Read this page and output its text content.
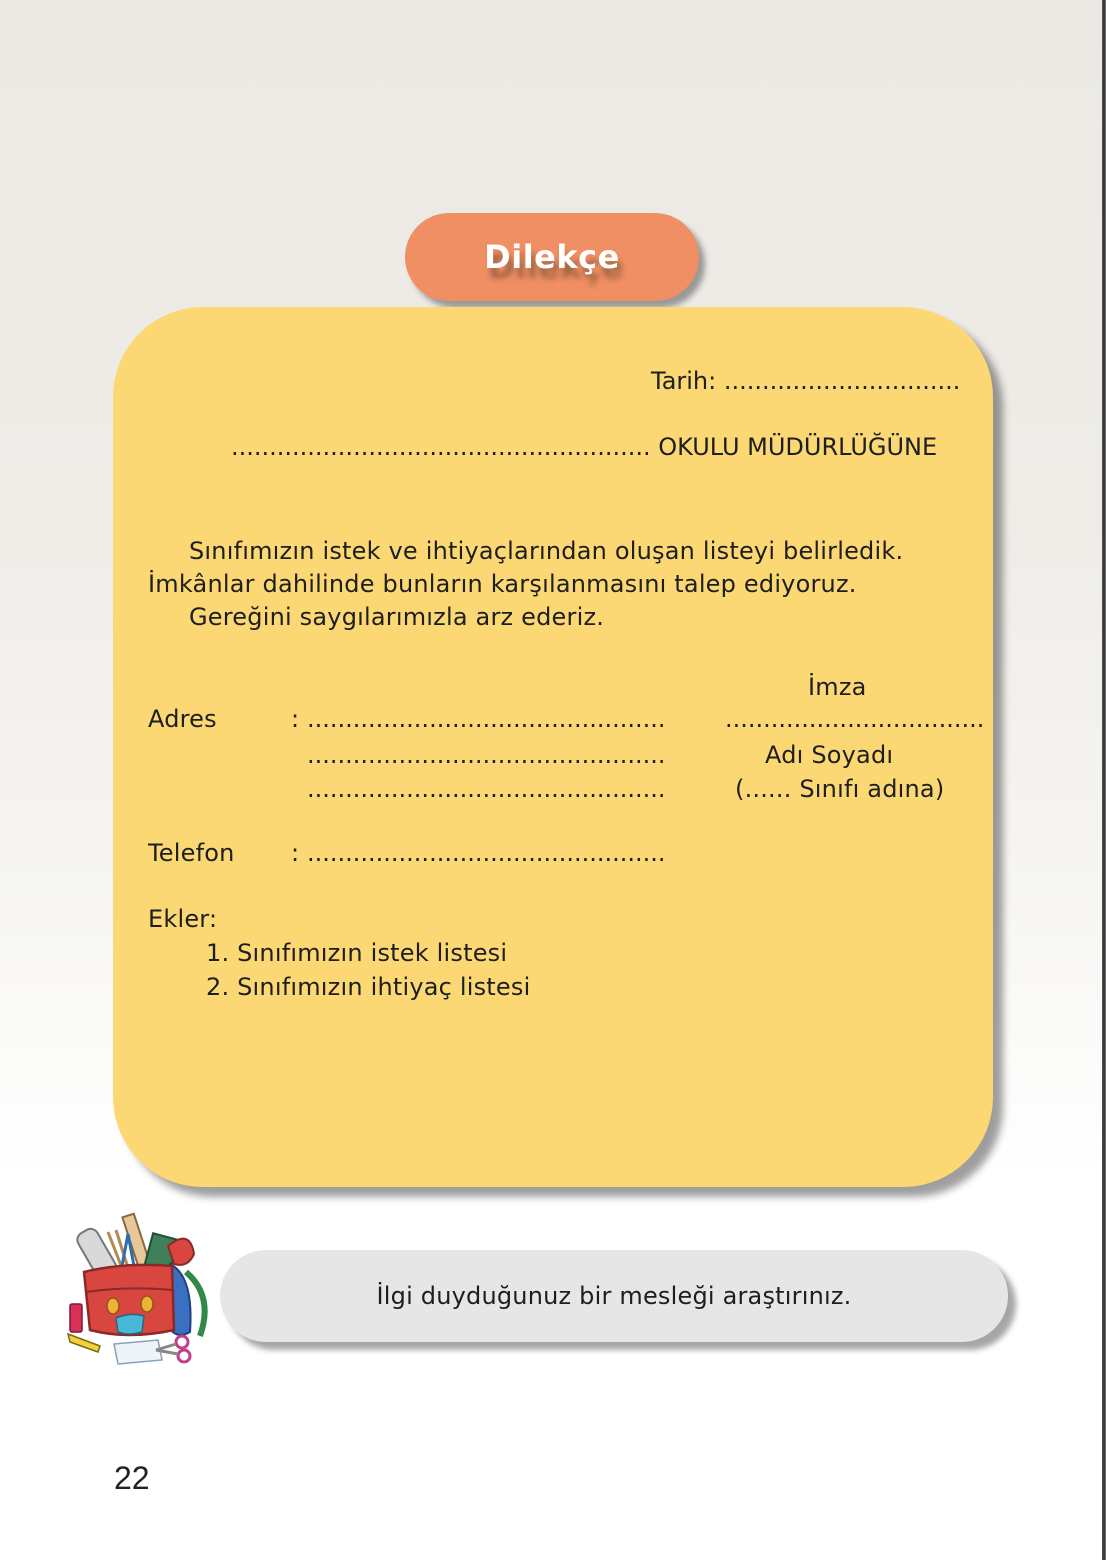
Dilekçe
Tarih: ...............................
....................................................... OKULU MÜDÜRLÜĞÜNE
Sınıfımızın istek ve ihtiyaçlarından oluşan listeyi belirledik.
İmkânlar dahilinde bunların karşılanmasını talep ediyoruz.
Gereğini saygılarımızla arz ederiz.
İmza
..................................
Adı Soyadı
(...... Sınıfı adına)
Adres	: ...............................................
...............................................
...............................................
Telefon : ...............................................
Ekler:
1. Sınıfımızın istek listesi
2. Sınıfımızın ihtiyaç listesi
İlgi duyduğunuz bir mesleği araştırınız.
22
